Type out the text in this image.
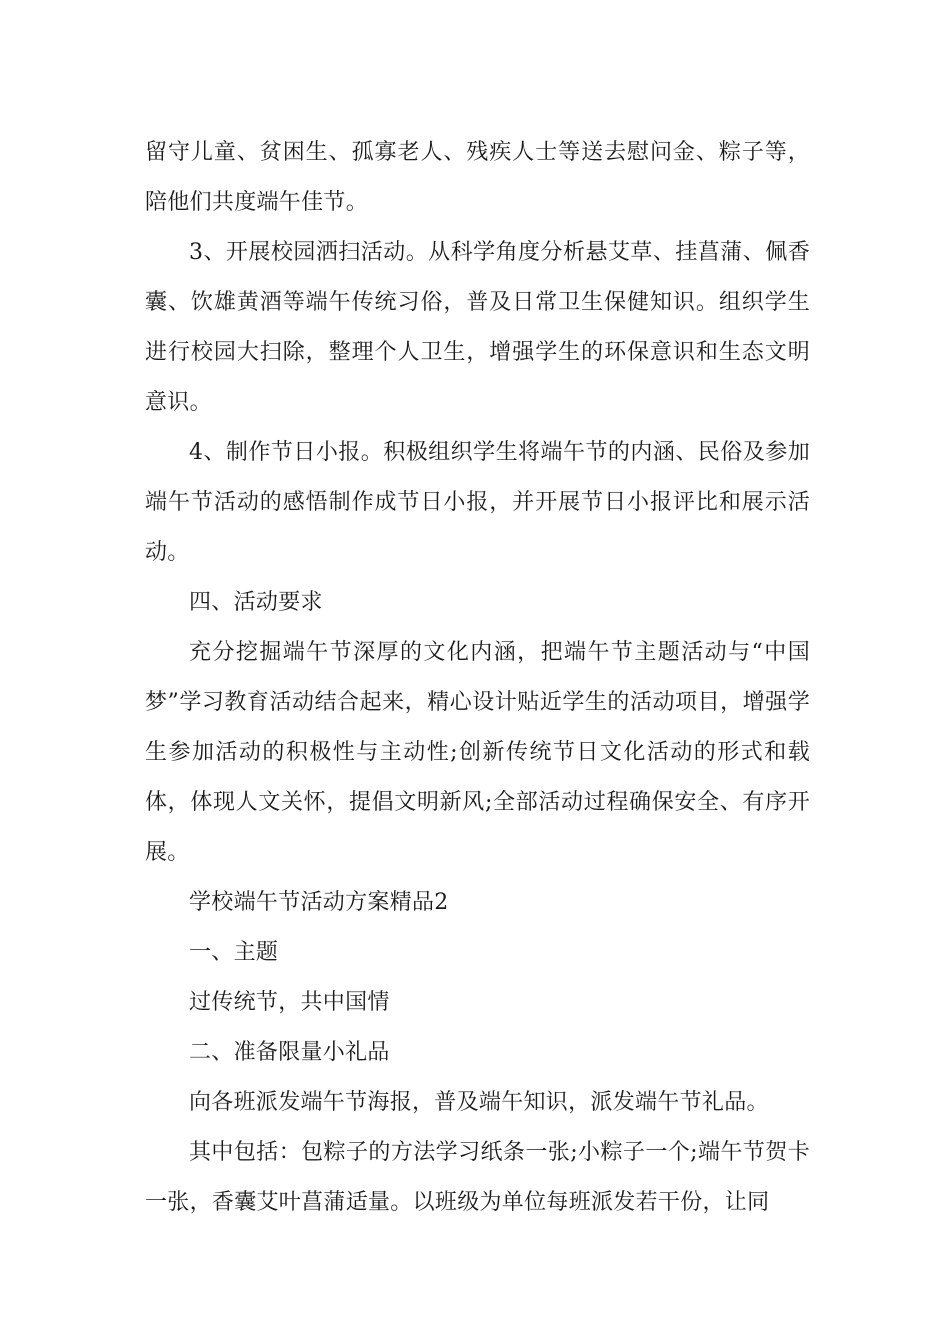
留守儿童、贫困生、孤寡老人、残疾人士等送去慰问金、粽子等，陪他们共度端午佳节。

3、开展校园洒扫活动。从科学角度分析悬艾草、挂菖蒲、佩香囊、饮雄黄酒等端午传统习俗，普及日常卫生保健知识。组织学生进行校园大扫除，整理个人卫生，增强学生的环保意识和生态文明意识。

4、制作节日小报。积极组织学生将端午节的内涵、民俗及参加端午节活动的感悟制作成节日小报，并开展节日小报评比和展示活动。

四、活动要求

充分挖掘端午节深厚的文化内涵，把端午节主题活动与“中国梦”学习教育活动结合起来，精心设计贴近学生的活动项目，增强学生参加活动的积极性与主动性;创新传统节日文化活动的形式和载体，体现人文关怀，提倡文明新风;全部活动过程确保安全、有序开展。

学校端午节活动方案精品2

一、主题

过传统节，共中国情

二、准备限量小礼品

向各班派发端午节海报，普及端午知识，派发端午节礼品。

其中包括：包粽子的方法学习纸条一张;小粽子一个;端午节贺卡一张，香囊艾叶菖蒲适量。以班级为单位每班派发若干份，让同
